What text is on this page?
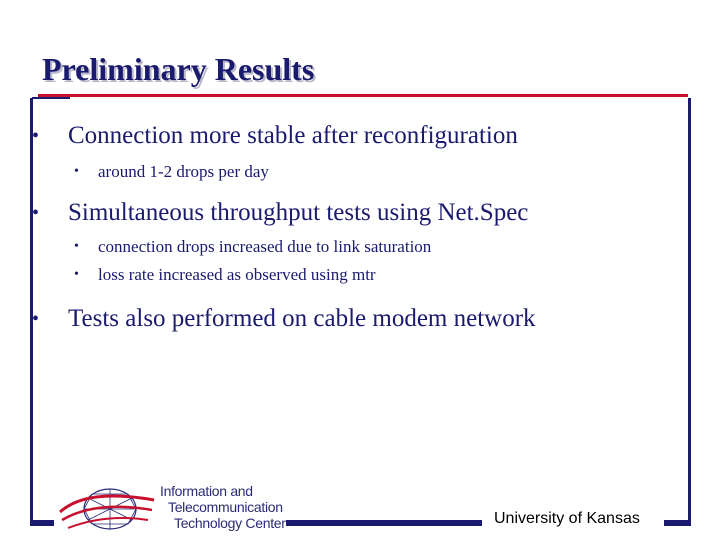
Preliminary Results
• Connection more stable after reconfiguration
• around 1-2 drops per day
• Simultaneous throughput tests using Net.Spec
• connection drops increased due to link saturation
• loss rate increased as observed using mtr
• Tests also performed on cable modem network
Information and
Telecommunication
Technology Center	University of Kansas
